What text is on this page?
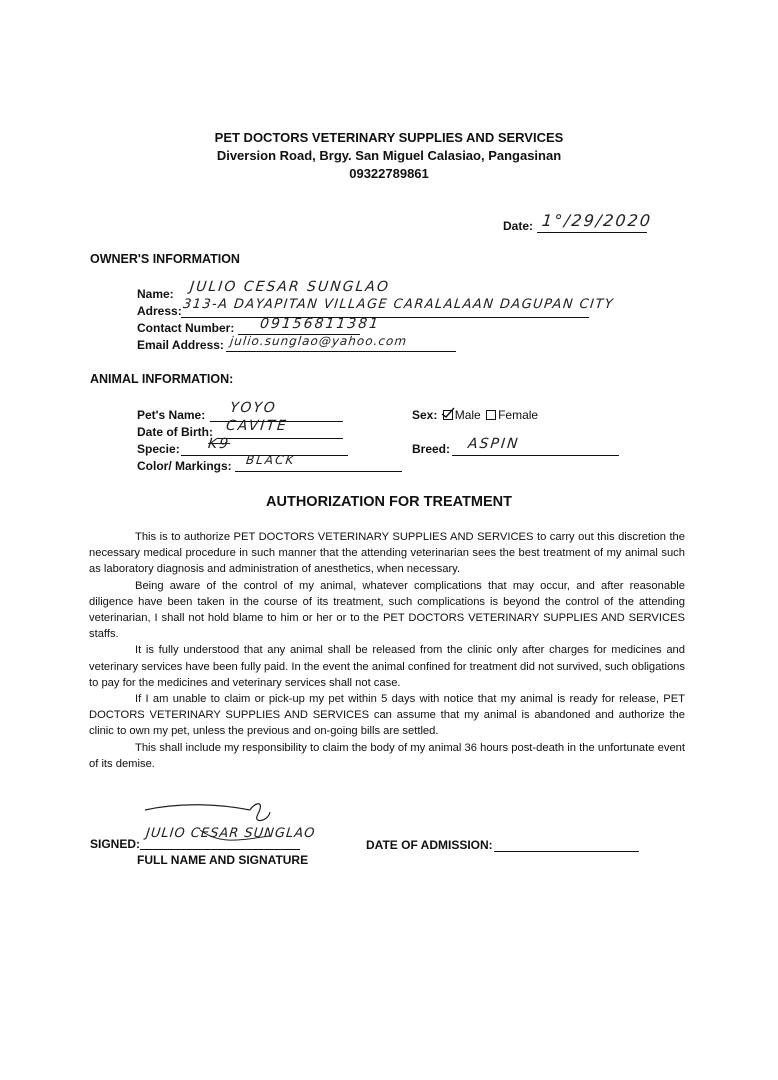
PET DOCTORS VETERINARY SUPPLIES AND SERVICES
Diversion Road, Brgy. San Miguel Calasiao, Pangasinan
09322789861
Date: 1°/29/2020
OWNER'S INFORMATION
Name: JULIO CESAR SUNGLAO
Adress: 313-A DAYAPITAN VILLAGE CARALALAAN DAGUPAN CITY
Contact Number: 09156811381
Email Address: julio.sunglao@yahoo.com
ANIMAL INFORMATION:
Pet's Name: YOYO
Date of Birth: CAVITE
Specie: K9
Color/ Markings: BLACK
Sex: Male Female
Breed: ASPIN
AUTHORIZATION FOR TREATMENT

This is to authorize PET DOCTORS VETERINARY SUPPLIES AND SERVICES to carry out this discretion the necessary medical procedure in such manner that the attending veterinarian sees the best treatment of my animal such as laboratory diagnosis and administration of anesthetics, when necessary.

Being aware of the control of my animal, whatever complications that may occur, and after reasonable diligence have been taken in the course of its treatment, such complications is beyond the control of the attending veterinarian, I shall not hold blame to him or her or to the PET DOCTORS VETERINARY SUPPLIES AND SERVICES staffs.

It is fully understood that any animal shall be released from the clinic only after charges for medicines and veterinary services have been fully paid. In the event the animal confined for treatment did not survived, such obligations to pay for the medicines and veterinary services shall not case.

If I am unable to claim or pick-up my pet within 5 days with notice that my animal is ready for release, PET DOCTORS VETERINARY SUPPLIES AND SERVICES can assume that my animal is abandoned and authorize the clinic to own my pet, unless the previous and on-going bills are settled.

This shall include my responsibility to claim the body of my animal 36 hours post-death in the unfortunate event of its demise.

SIGNED:
JULIO CESAR SUNGLAO
FULL NAME AND SIGNATURE
DATE OF ADMISSION:
